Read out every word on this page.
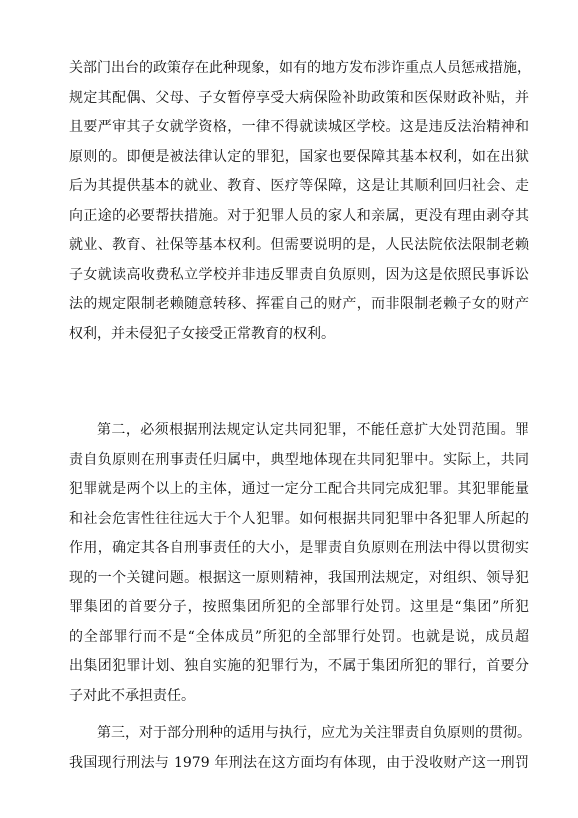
关部门出台的政策存在此种现象，如有的地方发布涉诈重点人员惩戒措施，
规定其配偶、父母、子女暂停享受大病保险补助政策和医保财政补贴，并
且要严审其子女就学资格，一律不得就读城区学校。这是违反法治精神和
原则的。即便是被法律认定的罪犯，国家也要保障其基本权利，如在出狱
后为其提供基本的就业、教育、医疗等保障，这是让其顺利回归社会、走
向正途的必要帮扶措施。对于犯罪人员的家人和亲属，更没有理由剥夺其
就业、教育、社保等基本权利。但需要说明的是，人民法院依法限制老赖
子女就读高收费私立学校并非违反罪责自负原则，因为这是依照民事诉讼
法的规定限制老赖随意转移、挥霍自己的财产，而非限制老赖子女的财产
权利，并未侵犯子女接受正常教育的权利。
第二，必须根据刑法规定认定共同犯罪，不能任意扩大处罚范围。罪
责自负原则在刑事责任归属中，典型地体现在共同犯罪中。实际上，共同
犯罪就是两个以上的主体，通过一定分工配合共同完成犯罪。其犯罪能量
和社会危害性往往远大于个人犯罪。如何根据共同犯罪中各犯罪人所起的
作用，确定其各自刑事责任的大小，是罪责自负原则在刑法中得以贯彻实
现的一个关键问题。根据这一原则精神，我国刑法规定，对组织、领导犯
罪集团的首要分子，按照集团所犯的全部罪行处罚。这里是“集团”所犯
的全部罪行而不是“全体成员”所犯的全部罪行处罚。也就是说，成员超
出集团犯罪计划、独自实施的犯罪行为，不属于集团所犯的罪行，首要分
子对此不承担责任。
第三，对于部分刑种的适用与执行，应尤为关注罪责自负原则的贯彻。
我国现行刑法与 1979 年刑法在这方面均有体现，由于没收财产这一刑罚
